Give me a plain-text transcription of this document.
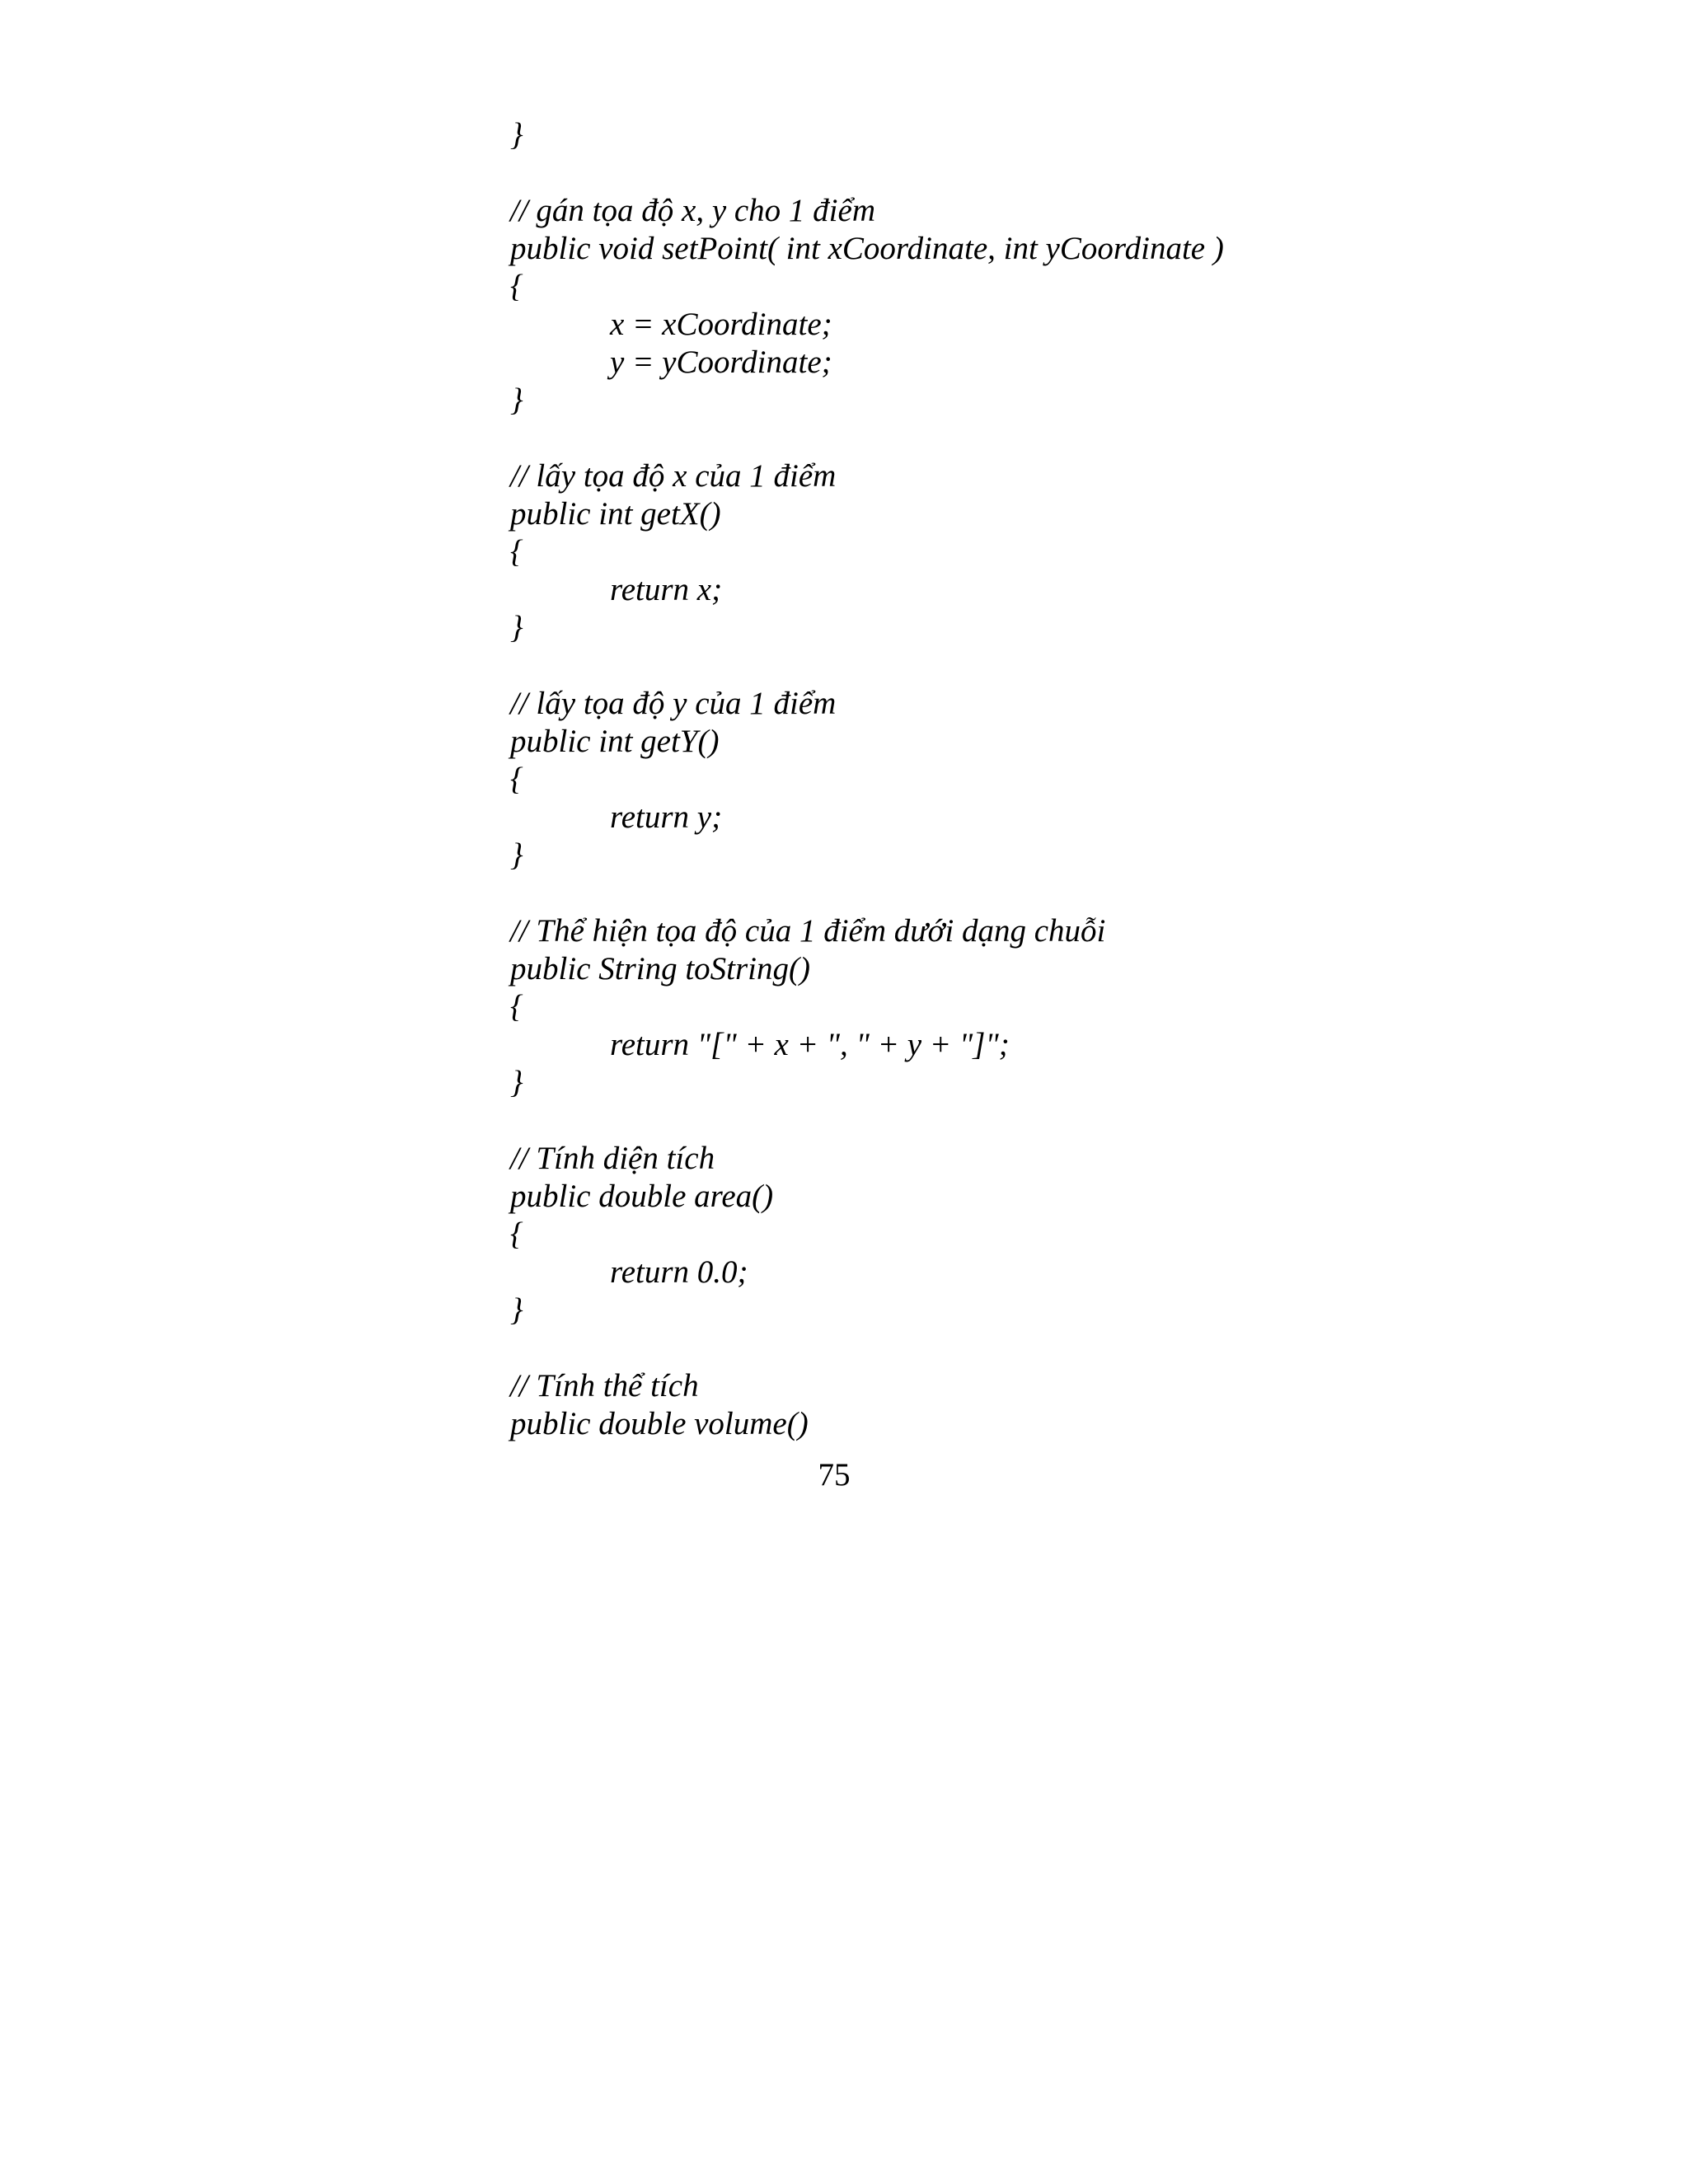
}

// gán tọa độ x, y cho 1 điểm

public void setPoint( int xCoordinate, int yCoordinate )

{

x = xCoordinate;

y = yCoordinate;

}

// lấy tọa độ x của 1 điểm

public int getX()

{

return x;

}

// lấy tọa độ y của 1 điểm

public int getY()

{

return y;

}

// Thể hiện tọa độ của 1 điểm dưới dạng chuỗi

public String toString()

{

return "[" + x + ", " + y + "]";

}

// Tính diện tích

public double area()

{

return 0.0;

}

// Tính thể tích

public double volume()

75
